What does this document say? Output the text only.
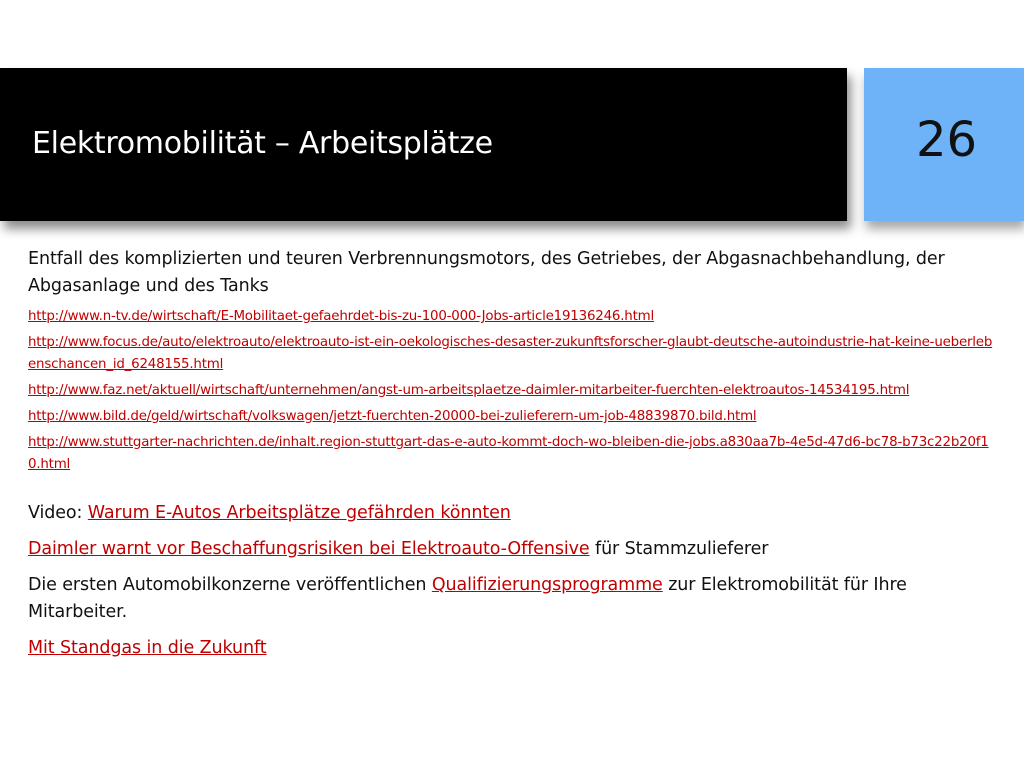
Elektromobilität – Arbeitsplätze	26

Entfall des komplizierten und teuren Verbrennungsmotors, des Getriebes, der Abgasnachbehandlung, der Abgasanlage und des Tanks

http://www.n-tv.de/wirtschaft/E-Mobilitaet-gefaehrdet-bis-zu-100-000-Jobs-article19136246.html
http://www.focus.de/auto/elektroauto/elektroauto-ist-ein-oekologisches-desaster-zukunftsforscher-glaubt-deutsche-autoindustrie-hat-keine-ueberlebenschancen_id_6248155.html
http://www.faz.net/aktuell/wirtschaft/unternehmen/angst-um-arbeitsplaetze-daimler-mitarbeiter-fuerchten-elektroautos-14534195.html
http://www.bild.de/geld/wirtschaft/volkswagen/jetzt-fuerchten-20000-bei-zulieferern-um-job-48839870.bild.html
http://www.stuttgarter-nachrichten.de/inhalt.region-stuttgart-das-e-auto-kommt-doch-wo-bleiben-die-jobs.a830aa7b-4e5d-47d6-bc78-b73c22b20f10.html

Video: Warum E-Autos Arbeitsplätze gefährden könnten

Daimler warnt vor Beschaffungsrisiken bei Elektroauto-Offensive für Stammzulieferer

Die ersten Automobilkonzerne veröffentlichen Qualifizierungsprogramme zur Elektromobilität für Ihre Mitarbeiter.

Mit Standgas in die Zukunft
